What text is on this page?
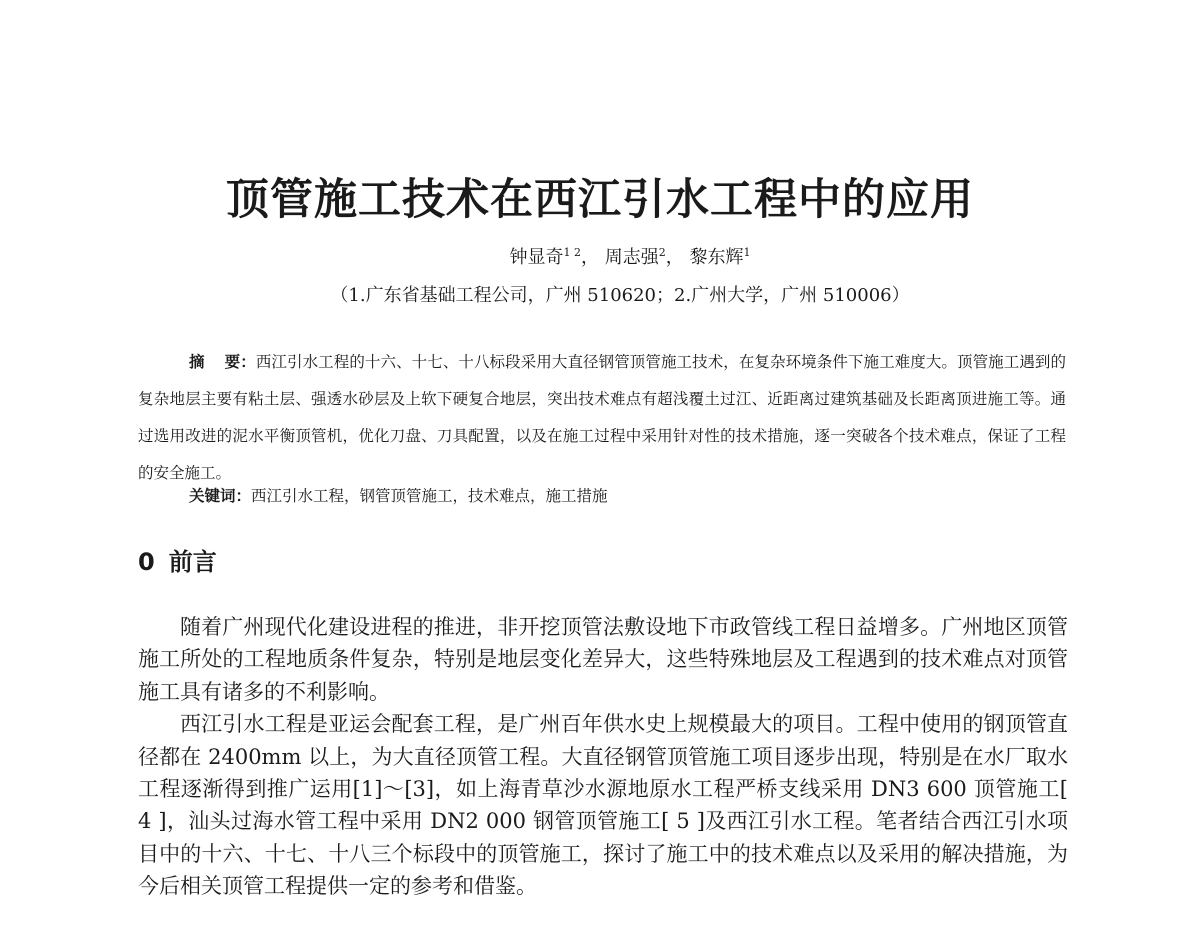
顶管施工技术在西江引水工程中的应用
钟显奇$^{1 2}$， 周志强$^2$， 黎东辉$^1$
（1.广东省基础工程公司，广州 510620；2.广州大学，广州 510006）
摘 要：西江引水工程的十六、十七、十八标段采用大直径钢管顶管施工技术，在复杂环境条件下施工难度大。顶管施工遇到的复杂地层主要有粘土层、强透水砂层及上软下硬复合地层，突出技术难点有超浅覆土过江、近距离过建筑基础及长距离顶进施工等。通过选用改进的泥水平衡顶管机，优化刀盘、刀具配置，以及在施工过程中采用针对性的技术措施，逐一突破各个技术难点，保证了工程的安全施工。
关键词：西江引水工程，钢管顶管施工，技术难点，施工措施
0 前言

随着广州现代化建设进程的推进，非开挖顶管法敷设地下市政管线工程日益增多。广州地区顶管施工所处的工程地质条件复杂，特别是地层变化差异大，这些特殊地层及工程遇到的技术难点对顶管施工具有诸多的不利影响。

西江引水工程是亚运会配套工程，是广州百年供水史上规模最大的项目。工程中使用的钢顶管直径都在 2400mm 以上，为大直径顶管工程。大直径钢管顶管施工项目逐步出现，特别是在水厂取水工程逐渐得到推广运用[1]～[3]，如上海青草沙水源地原水工程严桥支线采用 DN3 600 顶管施工[ 4 ]，汕头过海水管工程中采用 DN2 000 钢管顶管施工[ 5 ]及西江引水工程。笔者结合西江引水项目中的十六、十七、十八三个标段中的顶管施工，探讨了施工中的技术难点以及采用的解决措施，为今后相关顶管工程提供一定的参考和借鉴。
